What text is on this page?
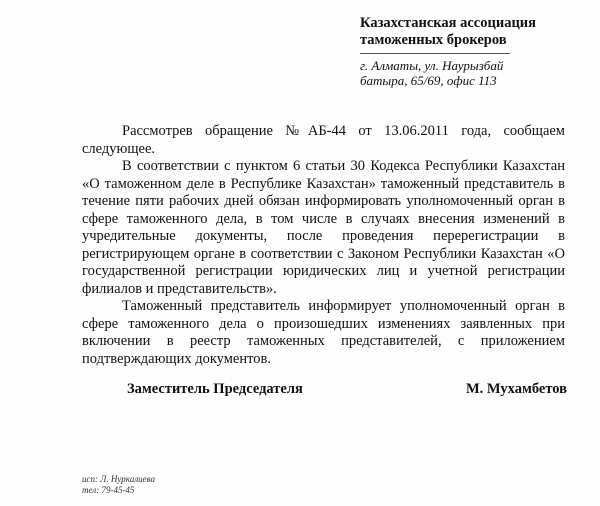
Казахстанская ассоциация

таможенных брокеров

г. Алматы, ул. Наурызбай

батыра, 65/69, офис 113

Рассмотрев обращение №АБ-44 от 13.06.2011 года, сообщаем следующее.

В соответствии с пунктом 6 статьи 30 Кодекса Республики Казахстан «О таможенном деле в Республике Казахстан» таможенный представитель в течение пяти рабочих дней обязан информировать уполномоченный орган в сфере таможенного дела, в том числе в случаях внесения изменений в учредительные документы, после проведения перерегистрации в регистрирующем органе в соответствии с Законом Республики Казахстан «О государственной регистрации юридических лиц и учетной регистрации филиалов и представительств».

Таможенный представитель информирует уполномоченный орган в сфере таможенного дела о произошедших изменениях заявленных при включении в реестр таможенных представителей, с приложением подтверждающих документов.

Заместитель Председателя	М. Мухамбетов
исп: Л. Нуркалиева
тел: 79-45-45
